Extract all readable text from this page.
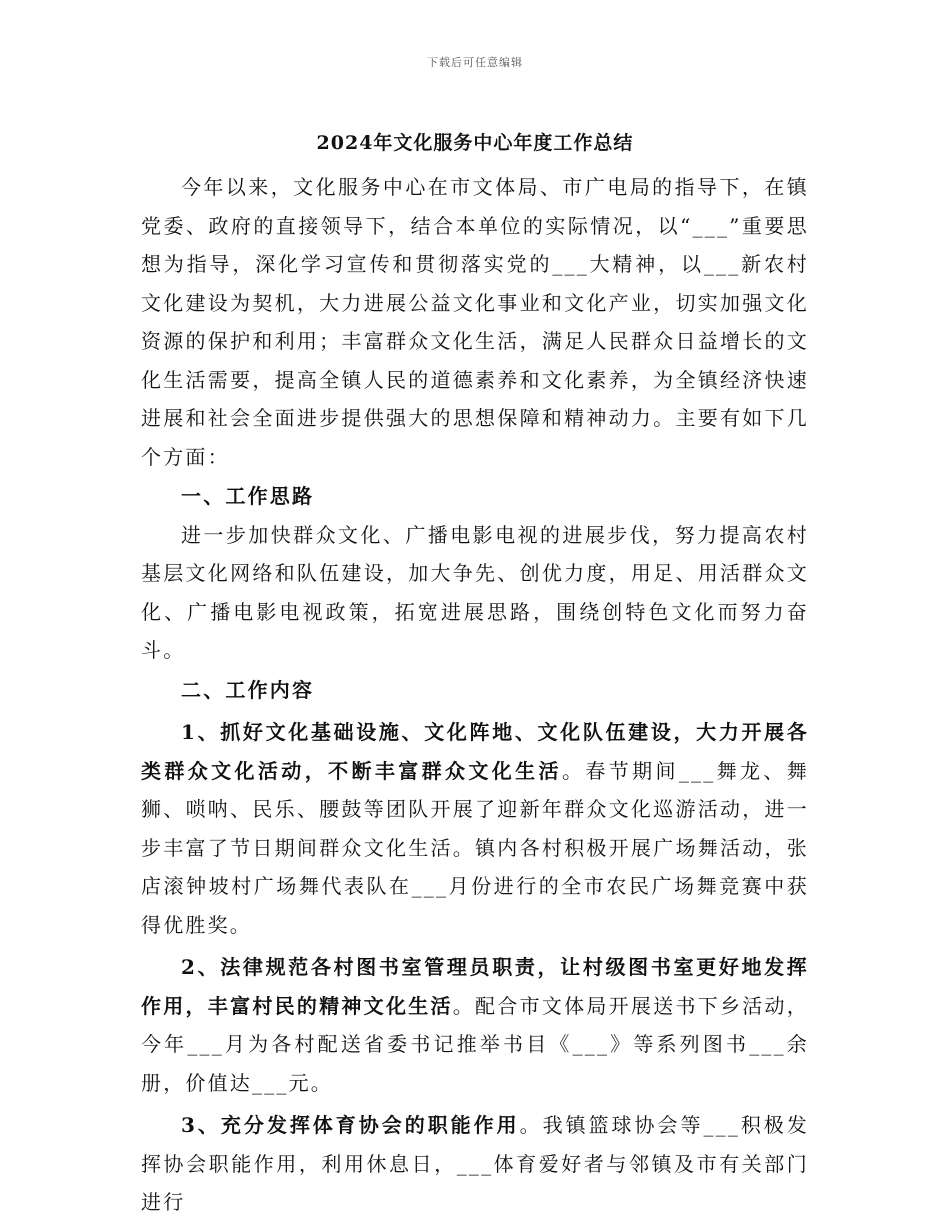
下载后可任意编辑
2024年文化服务中心年度工作总结

今年以来，文化服务中心在市文体局、市广电局的指导下，在镇党委、政府的直接领导下，结合本单位的实际情况，以“___”重要思想为指导，深化学习宣传和贯彻落实党的___大精神，以___新农村文化建设为契机，大力进展公益文化事业和文化产业，切实加强文化资源的保护和利用；丰富群众文化生活，满足人民群众日益增长的文化生活需要，提高全镇人民的道德素养和文化素养，为全镇经济快速进展和社会全面进步提供强大的思想保障和精神动力。主要有如下几个方面：

一、工作思路

进一步加快群众文化、广播电影电视的进展步伐，努力提高农村基层文化网络和队伍建设，加大争先、创优力度，用足、用活群众文化、广播电影电视政策，拓宽进展思路，围绕创特色文化而努力奋斗。

二、工作内容

1、抓好文化基础设施、文化阵地、文化队伍建设，大力开展各类群众文化活动，不断丰富群众文化生活。春节期间___舞龙、舞狮、唢呐、民乐、腰鼓等团队开展了迎新年群众文化巡游活动，进一步丰富了节日期间群众文化生活。镇内各村积极开展广场舞活动，张店滚钟坡村广场舞代表队在___月份进行的全市农民广场舞竞赛中获得优胜奖。

2、法律规范各村图书室管理员职责，让村级图书室更好地发挥作用，丰富村民的精神文化生活。配合市文体局开展送书下乡活动，今年___月为各村配送省委书记推举书目《___》等系列图书___余册，价值达___元。

3、充分发挥体育协会的职能作用。我镇篮球协会等___积极发挥协会职能作用，利用休息日，___体育爱好者与邻镇及市有关部门进行
